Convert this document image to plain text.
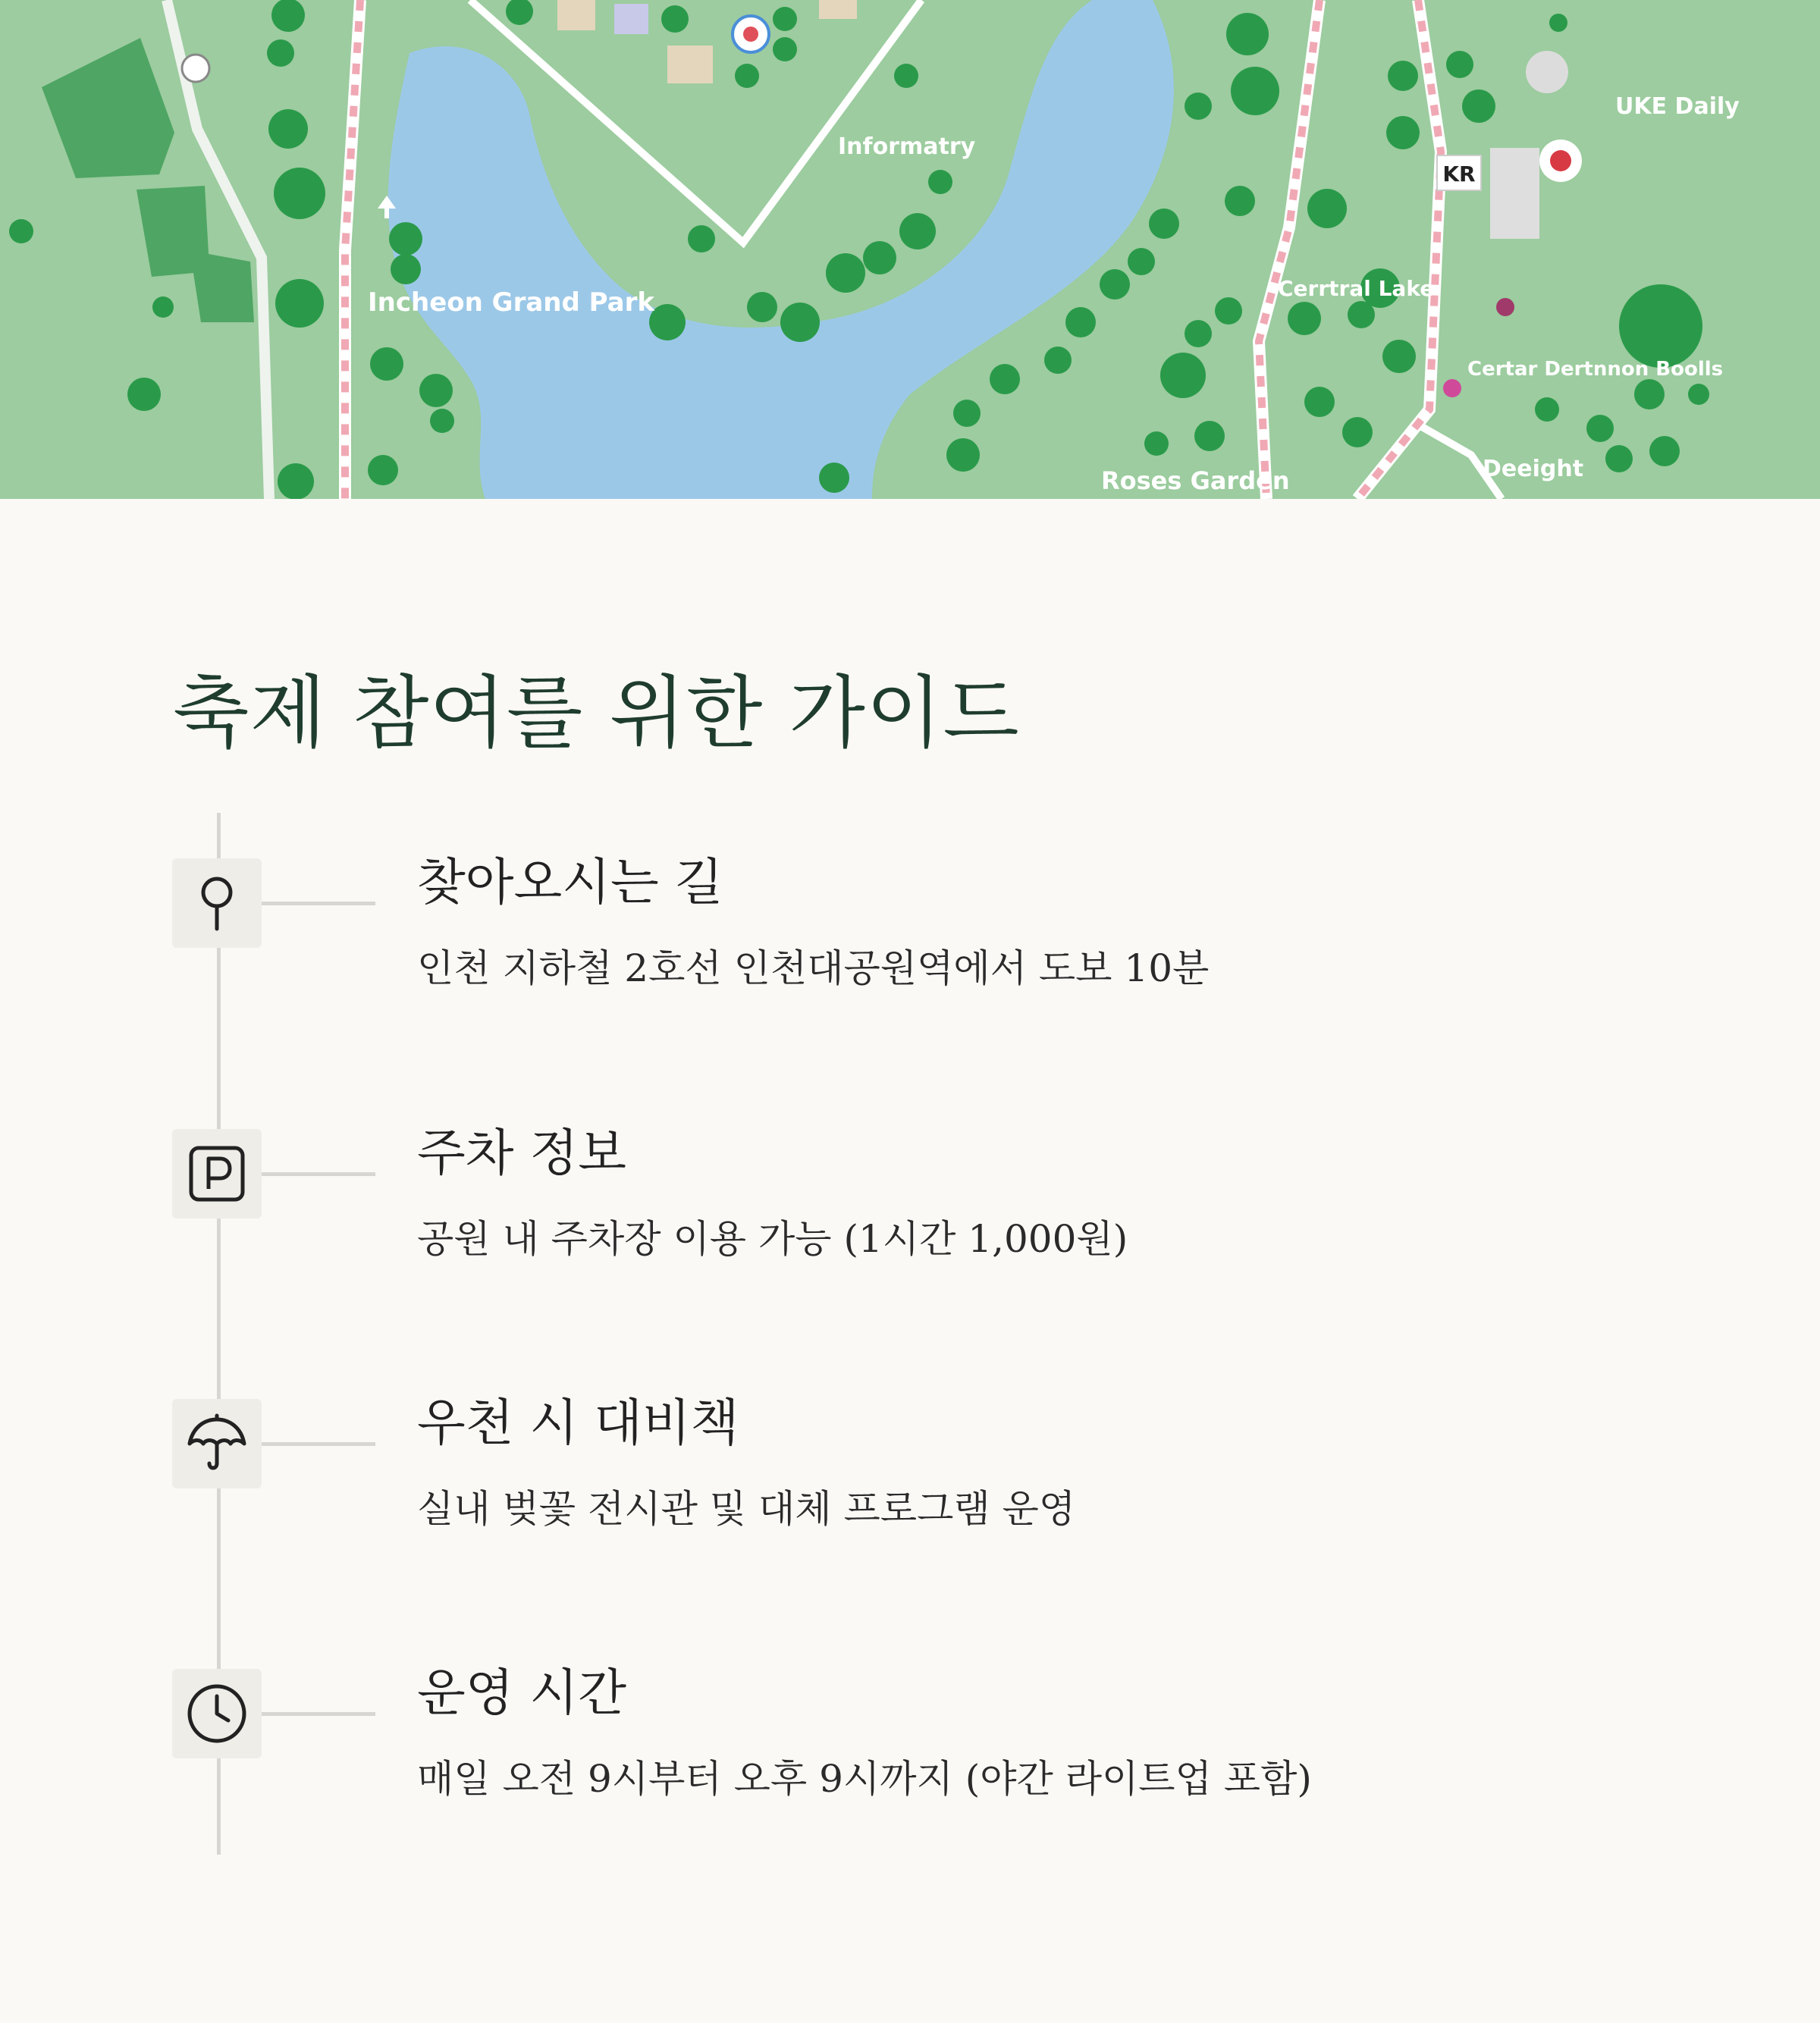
KR
Incheon Grand Park
Informatry
Cerrtral Lake
Roses Garden
UKE Daily
Certar Dertnnon Boolls
Deeight
축제 참여를 위한 가이드
찾아오시는 길

인천 지하철 2호선 인천대공원역에서 도보 10분

주차 정보

공원 내 주차장 이용 가능 (1시간 1,000원)

우천 시 대비책

실내 벚꽃 전시관 및 대체 프로그램 운영

운영 시간

매일 오전 9시부터 오후 9시까지 (야간 라이트업 포함)
